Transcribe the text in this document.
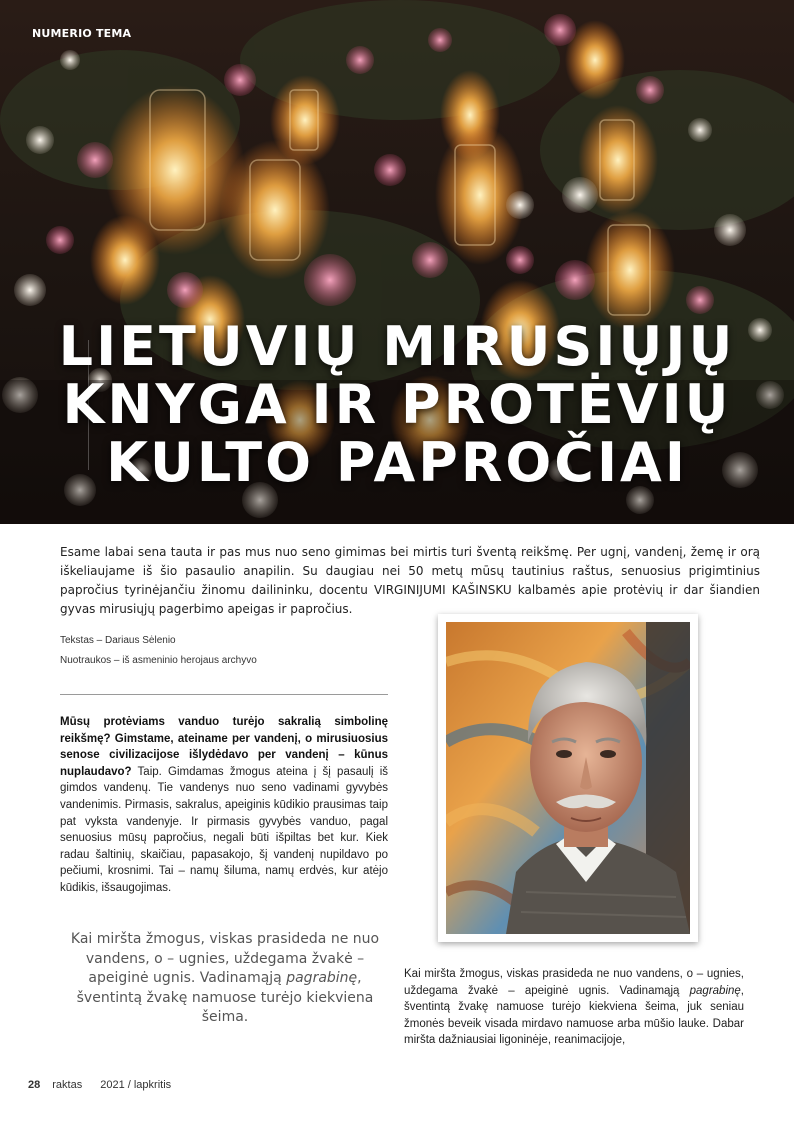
NUMERIO TEMA
LIETUVIŲ MIRUSIŲJŲ
KNYGA IR PROTĖVIŲ
KULTO PAPROČIAI
Esame labai sena tauta ir pas mus nuo seno gimimas bei mirtis turi šventą reikšmę. Per ugnį, vandenį, žemę ir orą iškeliaujame iš šio pasaulio anapilin. Su daugiau nei 50 metų mūsų tautinius raštus, senuosius prigimtinius papročius tyrinėjančiu žinomu dailininku, docentu VIRGINIJUMI KAŠINSKU kalbamės apie protėvių ir dar šiandien gyvas mirusiųjų pagerbimo apeigas ir papročius.
Tekstas – Dariaus Sėlenio
Nuotraukos – iš asmeninio herojaus archyvo
Mūsų protėviams vanduo turėjo sakralią simbolinę reikšmę? Gimstame, ateiname per vandenį, o mirusiuosius senose civilizacijose išlydėdavo per vandenį – kūnus nuplaudavo? Taip. Gimdamas žmogus ateina į šį pasaulį iš gimdos vandenų. Tie vandenys nuo seno vadinami gyvybės vandenimis. Pirmasis, sakralus, apeiginis kūdikio prausimas taip pat vyksta vandenyje. Ir pirmasis gyvybės vanduo, pagal senuosius mūsų papročius, negali būti išpiltas bet kur. Kiek radau šaltinių, skaičiau, papasakojo, šį vandenį nupildavo po pečiumi, krosnimi. Tai – namų šiluma, namų erdvės, kur atėjo kūdikis, išsaugojimas.
Kai miršta žmogus, viskas prasideda ne nuo vandens, o – ugnies, uždegama žvakė – apeiginė ugnis. Vadinamąją pagrabinę, šventintą žvakę namuose turėjo kiekviena šeima.
Kai miršta žmogus, viskas prasideda ne nuo vandens, o – ugnies, uždegama žvakė – apeiginė ugnis. Vadinamąją pagrabinę, šventintą žvakę namuose turėjo kiekviena šeima, juk seniau žmonės beveik visada mirdavo namuose arba mūšio lauke. Dabar miršta dažniausiai ligoninėje, reanimacijoje,
28 raktas 2021 / lapkritis
